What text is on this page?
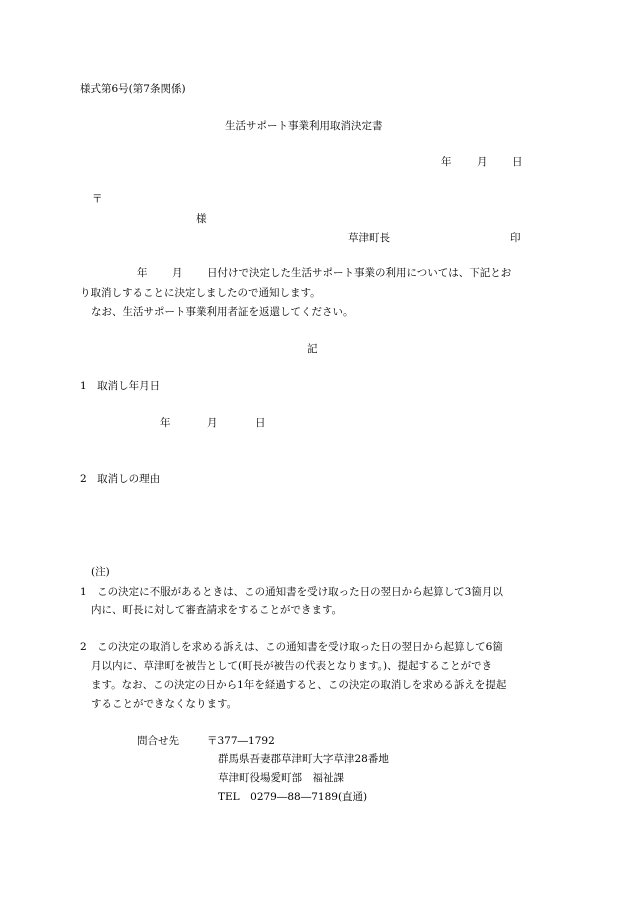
様式第6号(第7条関係)
生活サポート事業利用取消決定書
年 月 日
〒
様
草津町長	印
年 月 日付けで決定した生活サポート事業の利用については、下記とお
り取消しすることに決定しましたので通知します。
なお、生活サポート事業利用者証を返還してください。
記
1　取消し年月日
年	月	日
2　取消しの理由
(注)
1　この決定に不服があるときは、この通知書を受け取った日の翌日から起算して3箇月以
内に、町長に対して審査請求をすることができます。
2　この決定の取消しを求める訴えは、この通知書を受け取った日の翌日から起算して6箇
月以内に、草津町を被告として(町長が被告の代表となります。)、提起することができ
ます。なお、この決定の日から1年を経過すると、この決定の取消しを求める訴えを提起
することができなくなります。
問合せ先	〒377―1792
群馬県吾妻郡草津町大字草津28番地
草津町役場愛町部　福祉課
TEL　0279―88―7189(直通)
